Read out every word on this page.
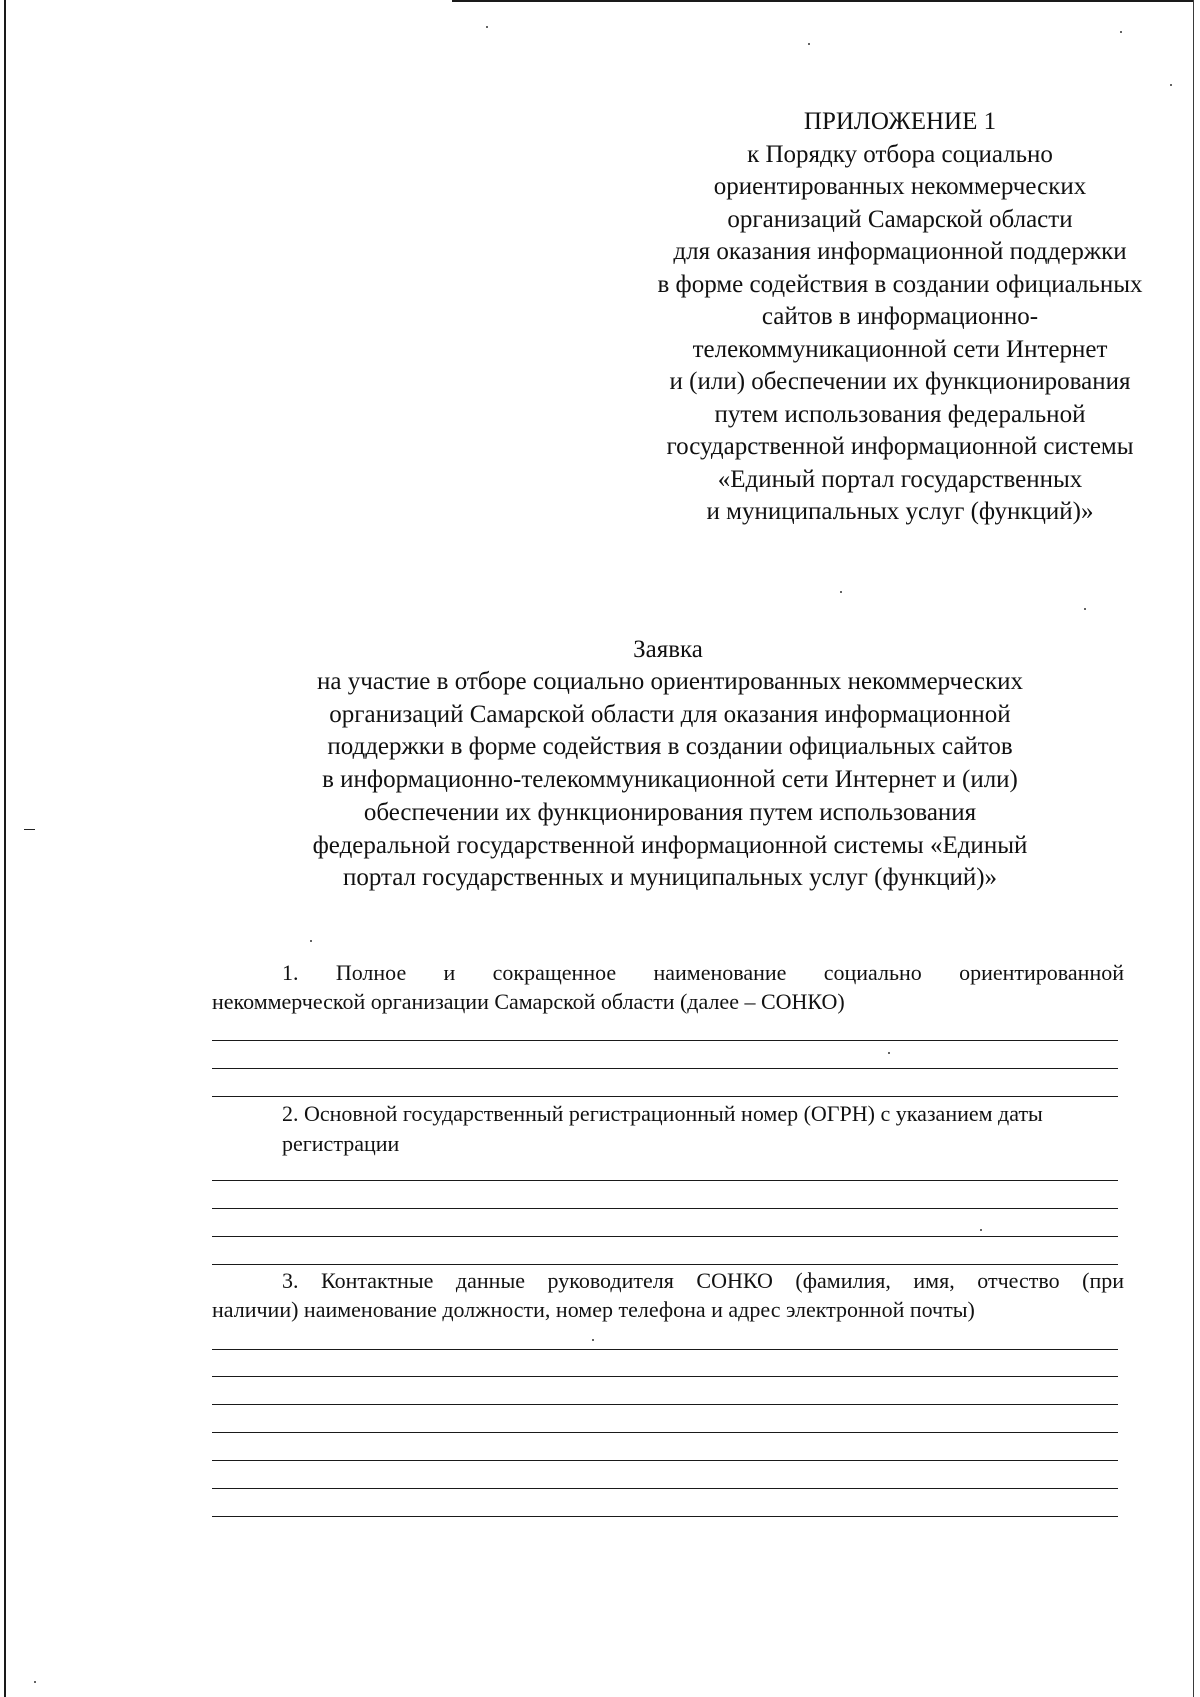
ПРИЛОЖЕНИЕ 1
к Порядку отбора социально
ориентированных некоммерческих
организаций Самарской области
для оказания информационной поддержки
в форме содействия в создании официальных
сайтов в информационно-
телекоммуникационной сети Интернет
и (или) обеспечении их функционирования
путем использования федеральной
государственной информационной системы
«Единый портал государственных
и муниципальных услуг (функций)»
Заявка
на участие в отборе социально ориентированных некоммерческих
организаций Самарской области для оказания информационной
поддержки в форме содействия в создании официальных сайтов
в информационно-телекоммуникационной сети Интернет и (или)
обеспечении их функционирования путем использования
федеральной государственной информационной системы «Единый
портал государственных и муниципальных услуг (функций)»
1. Полное и сокращенное наименование социально ориентированной
некоммерческой организации Самарской области (далее – СОНКО)
2. Основной государственный регистрационный номер (ОГРН) с указанием даты
регистрации
3. Контактные данные руководителя СОНКО (фамилия, имя, отчество (при
наличии) наименование должности, номер телефона и адрес электронной почты)
